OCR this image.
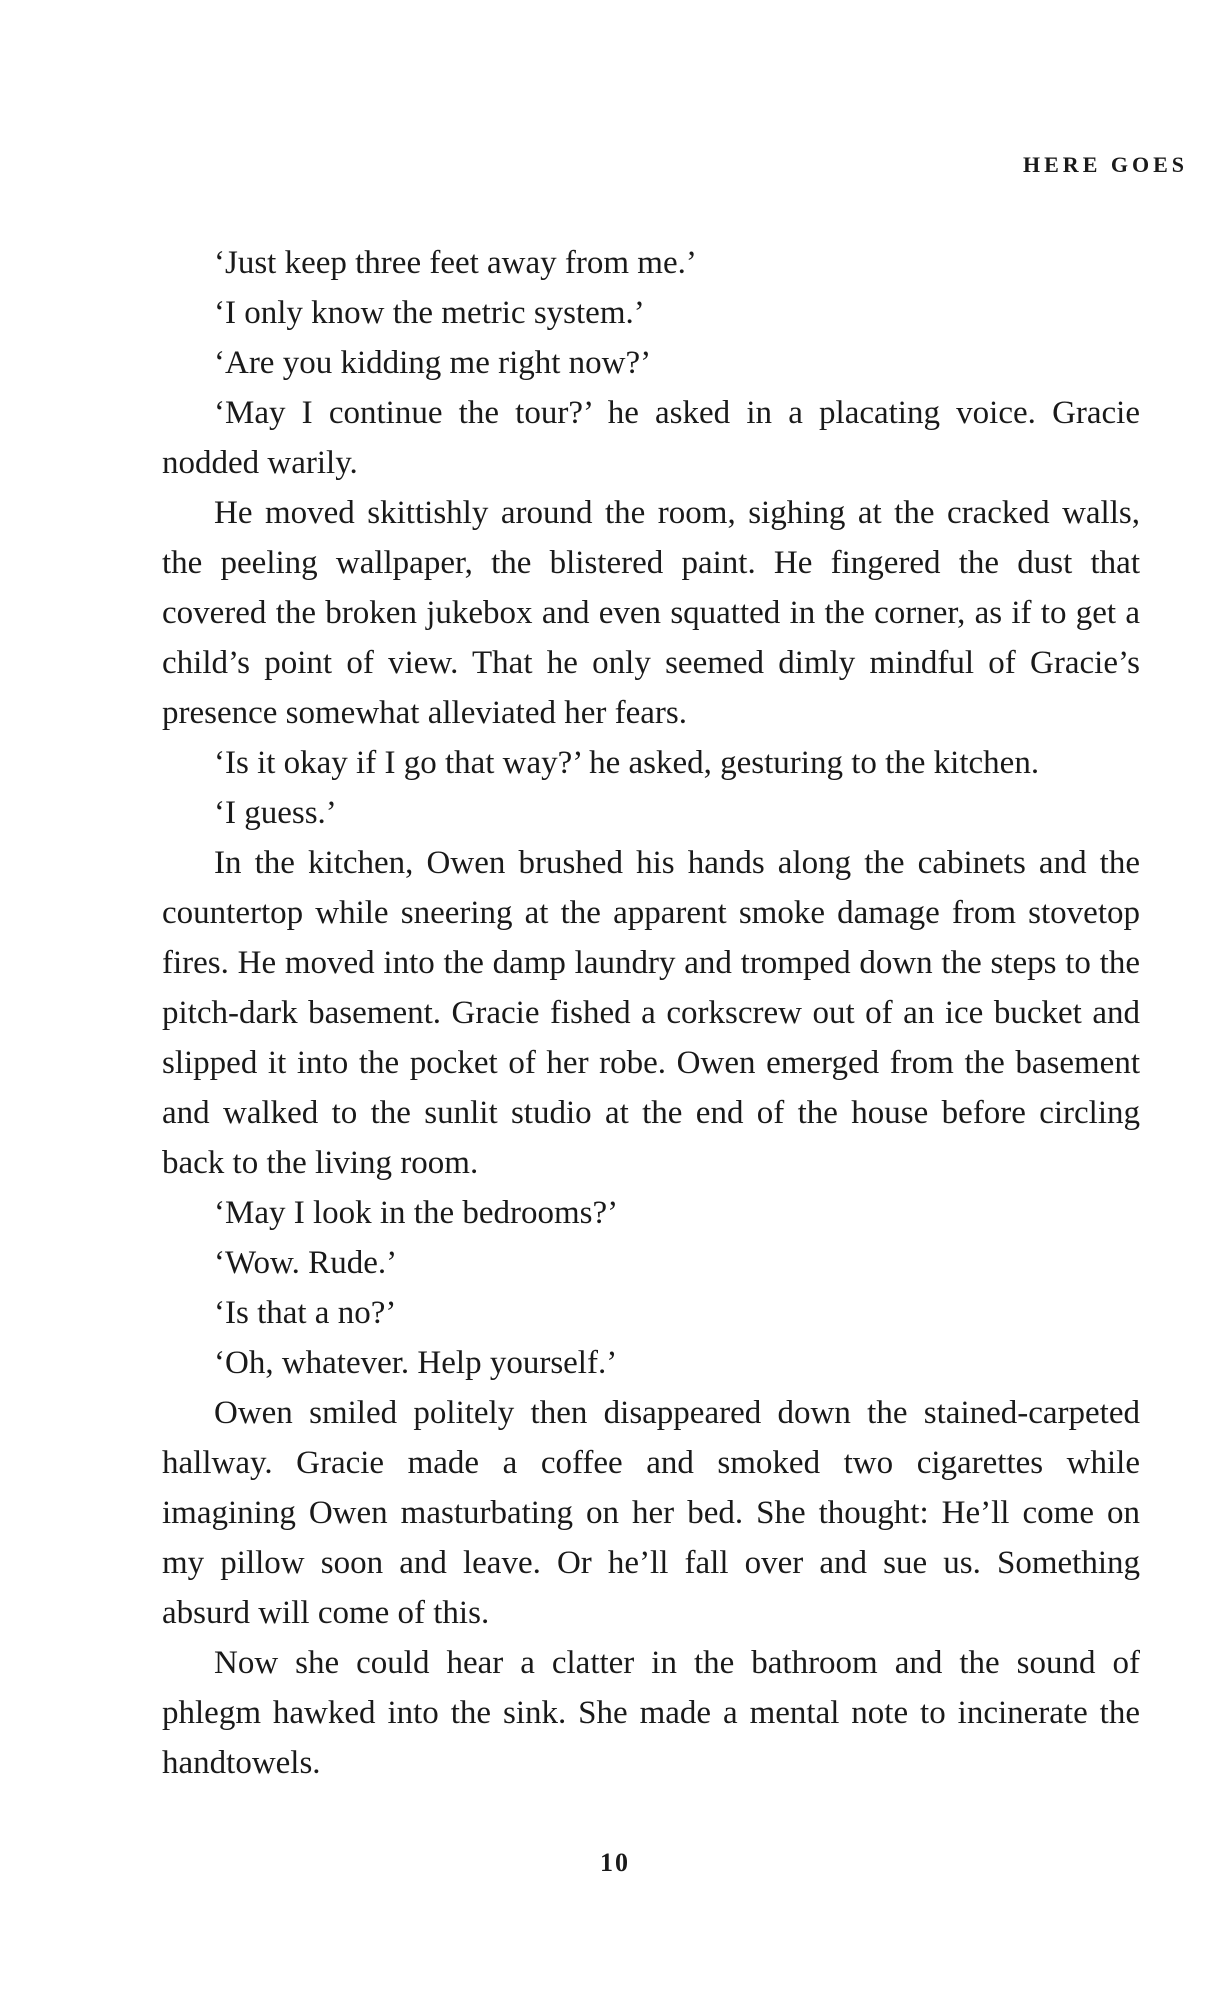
HERE GOES

‘Just keep three feet away from me.’

‘I only know the metric system.’

‘Are you kidding me right now?’

‘May I continue the tour?’ he asked in a placating voice. Gracie nodded warily.

He moved skittishly around the room, sighing at the cracked walls, the peeling wallpaper, the blistered paint. He fingered the dust that covered the broken jukebox and even squatted in the corner, as if to get a child’s point of view. That he only seemed dimly mindful of Gracie’s presence somewhat alleviated her fears.

‘Is it okay if I go that way?’ he asked, gesturing to the kitchen.

‘I guess.’

In the kitchen, Owen brushed his hands along the cabinets and the countertop while sneering at the apparent smoke damage from stovetop fires. He moved into the damp laundry and tromped down the steps to the pitch-dark basement. Gracie fished a corkscrew out of an ice bucket and slipped it into the pocket of her robe. Owen emerged from the basement and walked to the sunlit studio at the end of the house before circling back to the living room.

‘May I look in the bedrooms?’

‘Wow. Rude.’

‘Is that a no?’

‘Oh, whatever. Help yourself.’

Owen smiled politely then disappeared down the stained-carpeted hallway. Gracie made a coffee and smoked two cigarettes while imagining Owen masturbating on her bed. She thought: He’ll come on my pillow soon and leave. Or he’ll fall over and sue us. Something absurd will come of this.

Now she could hear a clatter in the bathroom and the sound of phlegm hawked into the sink. She made a mental note to incinerate the handtowels.

10
